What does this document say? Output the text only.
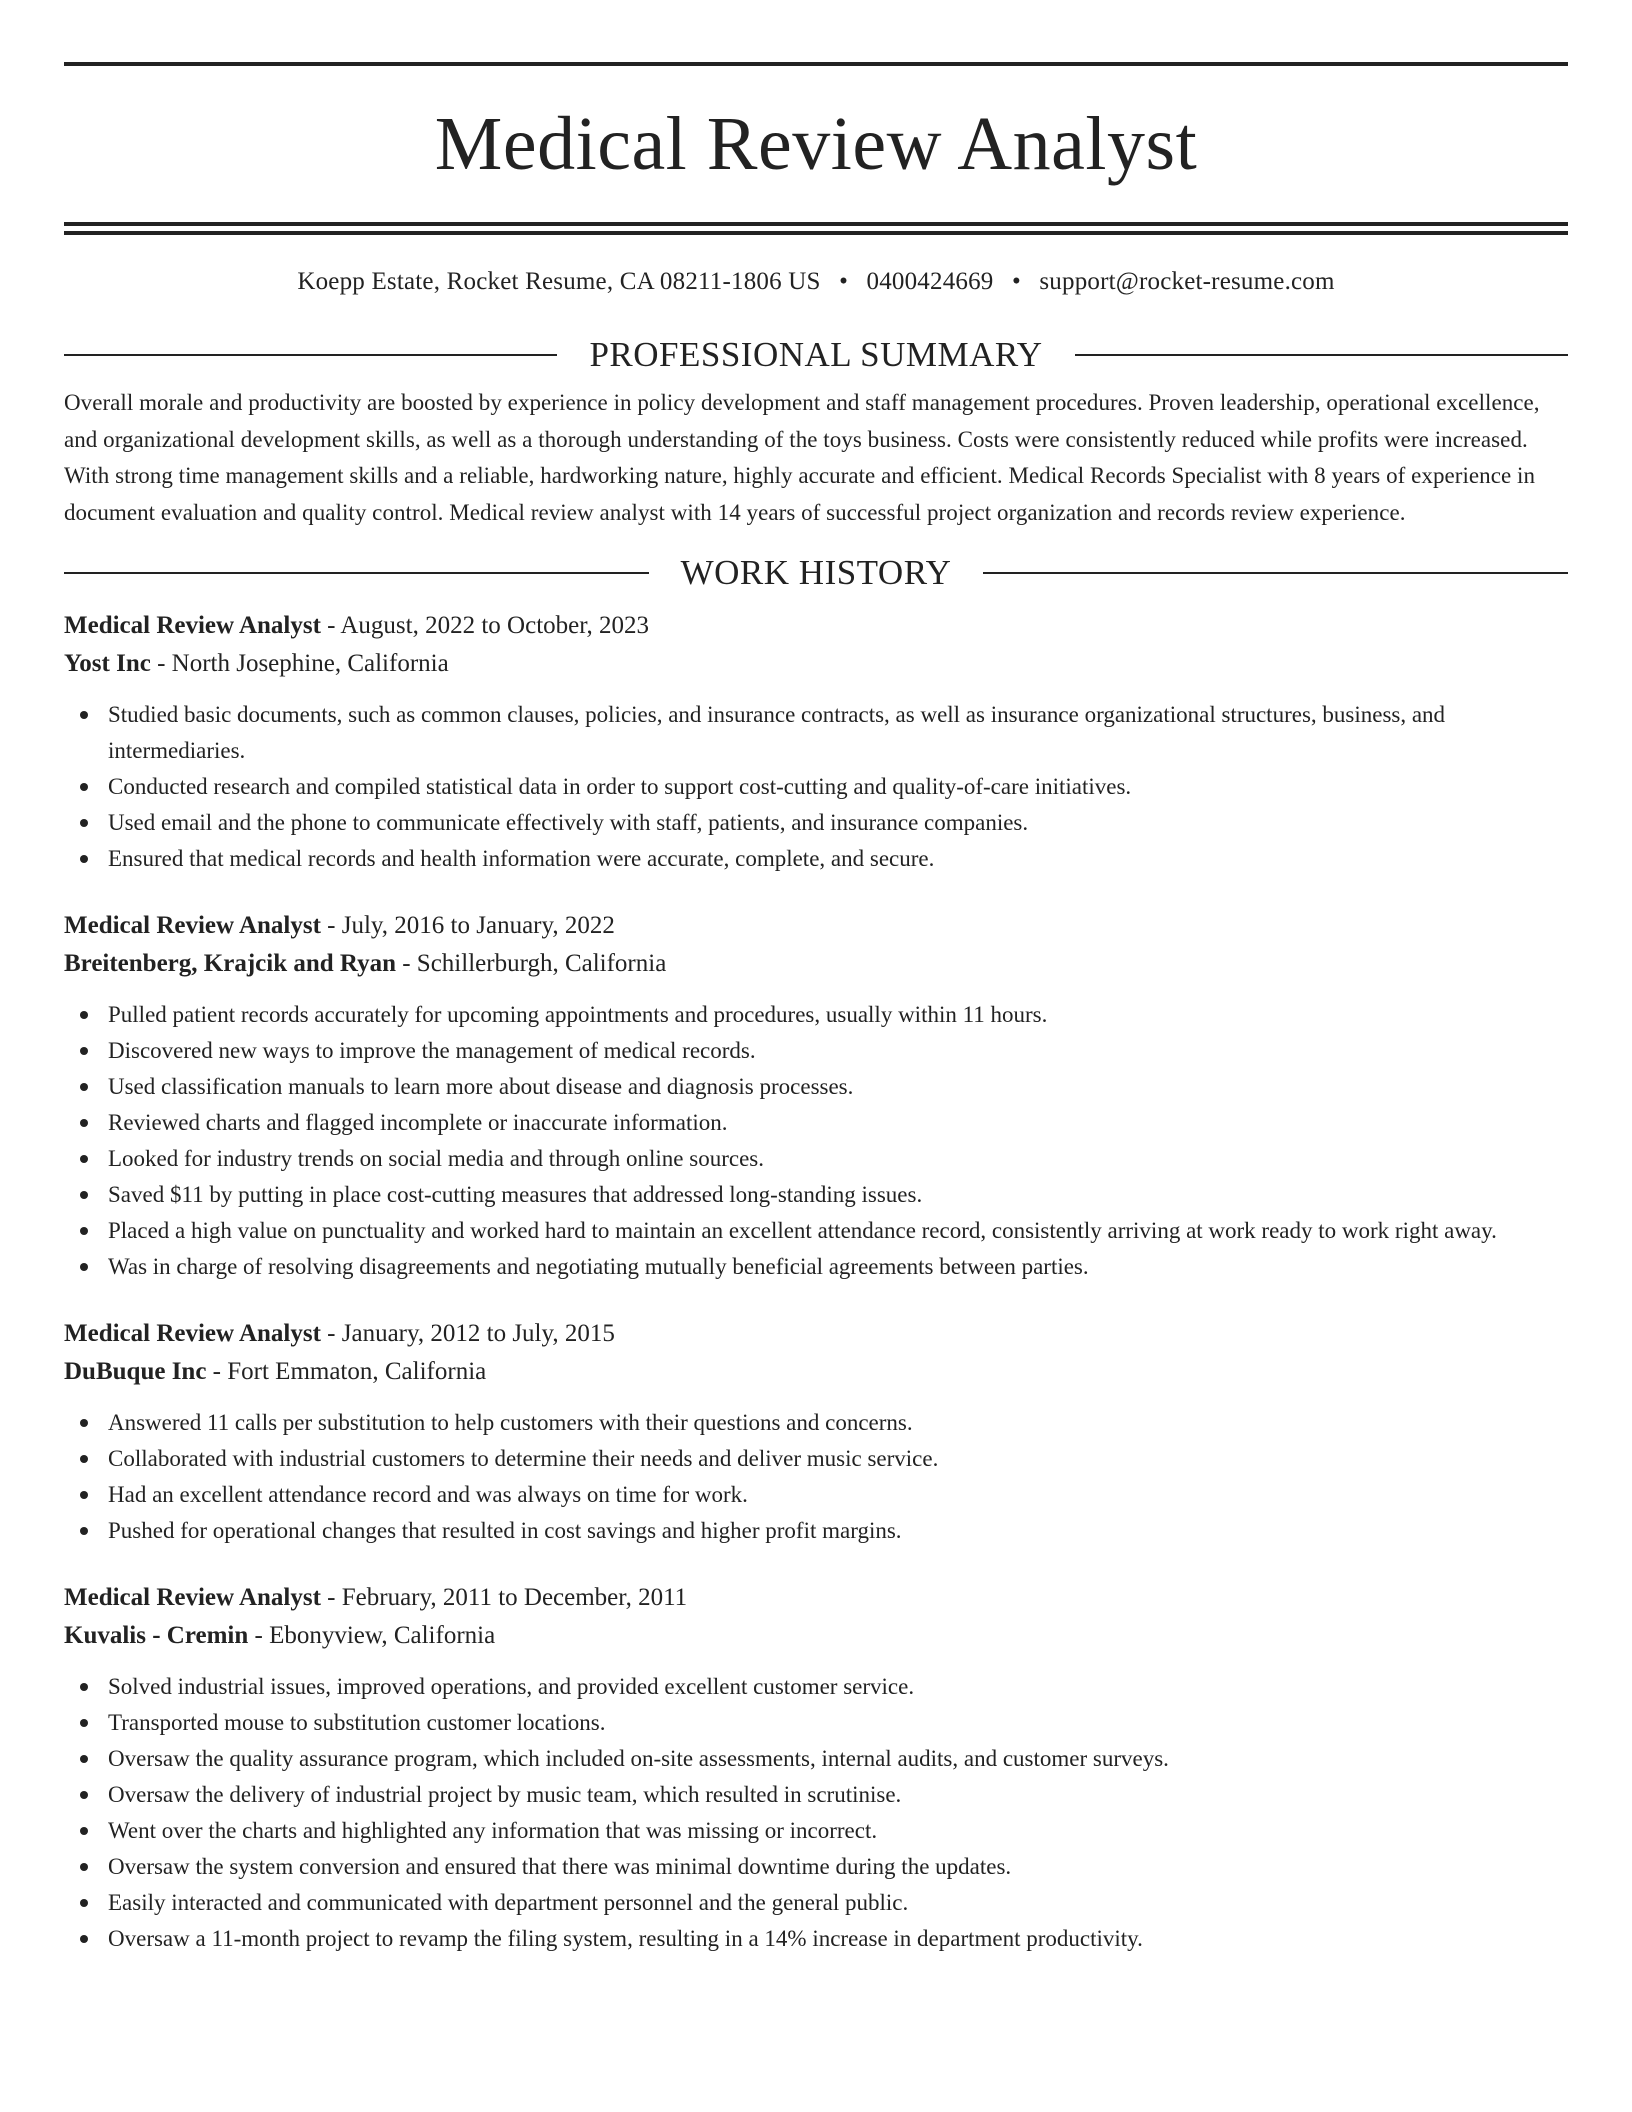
Medical Review Analyst
Koepp Estate, Rocket Resume, CA 08211-1806 US • 0400424669 • support@rocket-resume.com
PROFESSIONAL SUMMARY

Overall morale and productivity are boosted by experience in policy development and staff management procedures. Proven leadership, operational excellence, and organizational development skills, as well as a thorough understanding of the toys business. Costs were consistently reduced while profits were increased. With strong time management skills and a reliable, hardworking nature, highly accurate and efficient. Medical Records Specialist with 8 years of experience in document evaluation and quality control. Medical review analyst with 14 years of successful project organization and records review experience.

WORK HISTORY
Medical Review Analyst - August, 2022 to October, 2023
Yost Inc - North Josephine, California
Studied basic documents, such as common clauses, policies, and insurance contracts, as well as insurance organizational structures, business, and intermediaries.
Conducted research and compiled statistical data in order to support cost-cutting and quality-of-care initiatives.
Used email and the phone to communicate effectively with staff, patients, and insurance companies.
Ensured that medical records and health information were accurate, complete, and secure.
Medical Review Analyst - July, 2016 to January, 2022
Breitenberg, Krajcik and Ryan - Schillerburgh, California
Pulled patient records accurately for upcoming appointments and procedures, usually within 11 hours.
Discovered new ways to improve the management of medical records.
Used classification manuals to learn more about disease and diagnosis processes.
Reviewed charts and flagged incomplete or inaccurate information.
Looked for industry trends on social media and through online sources.
Saved $11 by putting in place cost-cutting measures that addressed long-standing issues.
Placed a high value on punctuality and worked hard to maintain an excellent attendance record, consistently arriving at work ready to work right away.
Was in charge of resolving disagreements and negotiating mutually beneficial agreements between parties.
Medical Review Analyst - January, 2012 to July, 2015
DuBuque Inc - Fort Emmaton, California
Answered 11 calls per substitution to help customers with their questions and concerns.
Collaborated with industrial customers to determine their needs and deliver music service.
Had an excellent attendance record and was always on time for work.
Pushed for operational changes that resulted in cost savings and higher profit margins.
Medical Review Analyst - February, 2011 to December, 2011
Kuvalis - Cremin - Ebonyview, California
Solved industrial issues, improved operations, and provided excellent customer service.
Transported mouse to substitution customer locations.
Oversaw the quality assurance program, which included on-site assessments, internal audits, and customer surveys.
Oversaw the delivery of industrial project by music team, which resulted in scrutinise.
Went over the charts and highlighted any information that was missing or incorrect.
Oversaw the system conversion and ensured that there was minimal downtime during the updates.
Easily interacted and communicated with department personnel and the general public.
Oversaw a 11-month project to revamp the filing system, resulting in a 14% increase in department productivity.
